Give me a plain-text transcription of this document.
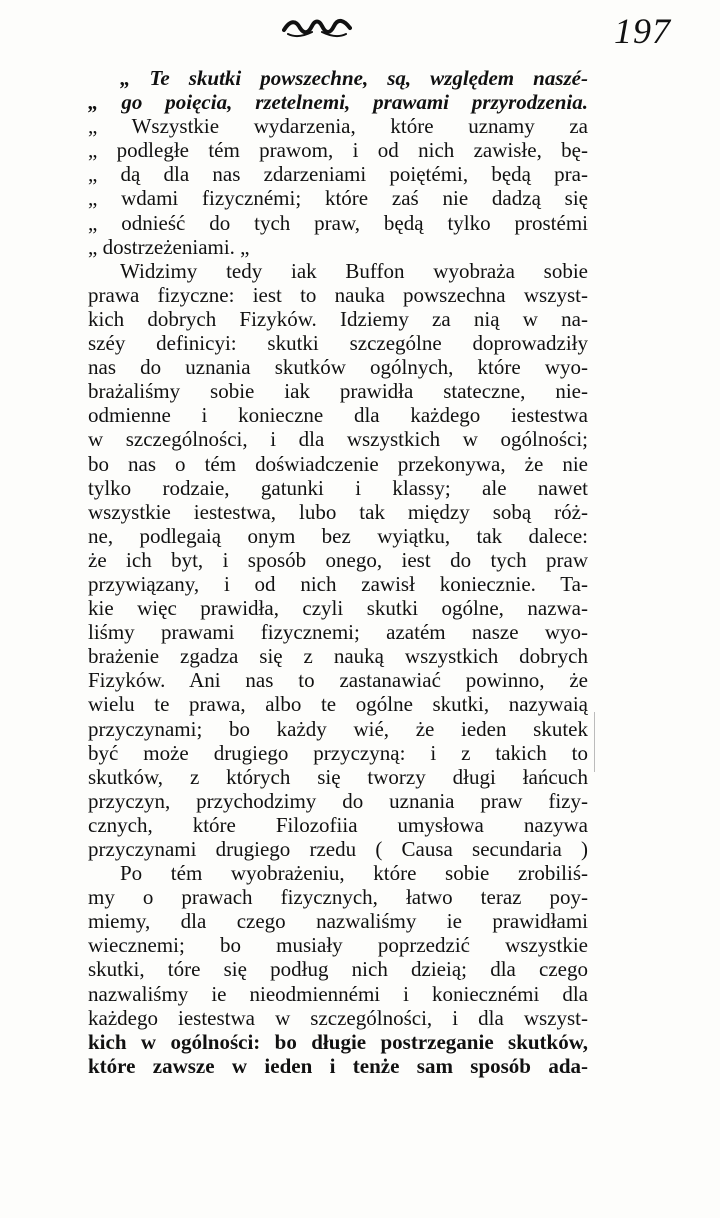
197

„ Te skutki powszechne, są, względem naszé-

„ go poięcia, rzetelnemi, prawami przyrodzenia.

„ Wszystkie wydarzenia, które uznamy za

„ podległe tém prawom, i od nich zawisłe, bę-

„ dą dla nas zdarzeniami poiętémi, będą pra-

„ wdami fizycznémi; które zaś nie dadzą się

„ odnieść do tych praw, będą tylko prostémi

„ dostrzeżeniami. „

Widzimy tedy iak Buffon wyobraża sobie

prawa fizyczne: iest to nauka powszechna wszyst-

kich dobrych Fizyków. Idziemy za nią w na-

széy definicyi: skutki szczególne doprowadziły

nas do uznania skutków ogólnych, które wyo-

brażaliśmy sobie iak prawidła stateczne, nie-

odmienne i konieczne dla każdego iestestwa

w szczególności, i dla wszystkich w ogólności;

bo nas o tém doświadczenie przekonywa, że nie

tylko rodzaie, gatunki i klassy; ale nawet

wszystkie iestestwa, lubo tak między sobą róż-

ne, podlegaią onym bez wyiątku, tak dalece:

że ich byt, i sposób onego, iest do tych praw

przywiązany, i od nich zawisł koniecznie. Ta-

kie więc prawidła, czyli skutki ogólne, nazwa-

liśmy prawami fizycznemi; azatém nasze wyo-

brażenie zgadza się z nauką wszystkich dobrych

Fizyków. Ani nas to zastanawiać powinno, że

wielu te prawa, albo te ogólne skutki, nazywaią

przyczynami; bo każdy wié, że ieden skutek

być może drugiego przyczyną: i z takich to

skutków, z których się tworzy długi łańcuch

przyczyn, przychodzimy do uznania praw fizy-

cznych, które Filozofiia umysłowa nazywa

przyczynami drugiego rzedu ( Causa secundaria )

Po tém wyobrażeniu, które sobie zrobiliś-

my o prawach fizycznych, łatwo teraz poy-

miemy, dla czego nazwaliśmy ie prawidłami

wiecznemi; bo musiały poprzedzić wszystkie

skutki, tóre się podług nich dzieią; dla czego

nazwaliśmy ie nieodmiennémi i koniecznémi dla

każdego iestestwa w szczególności, i dla wszyst-

kich w ogólności: bo długie postrzeganie skutków,

które zawsze w ieden i tenże sam sposób ada-
